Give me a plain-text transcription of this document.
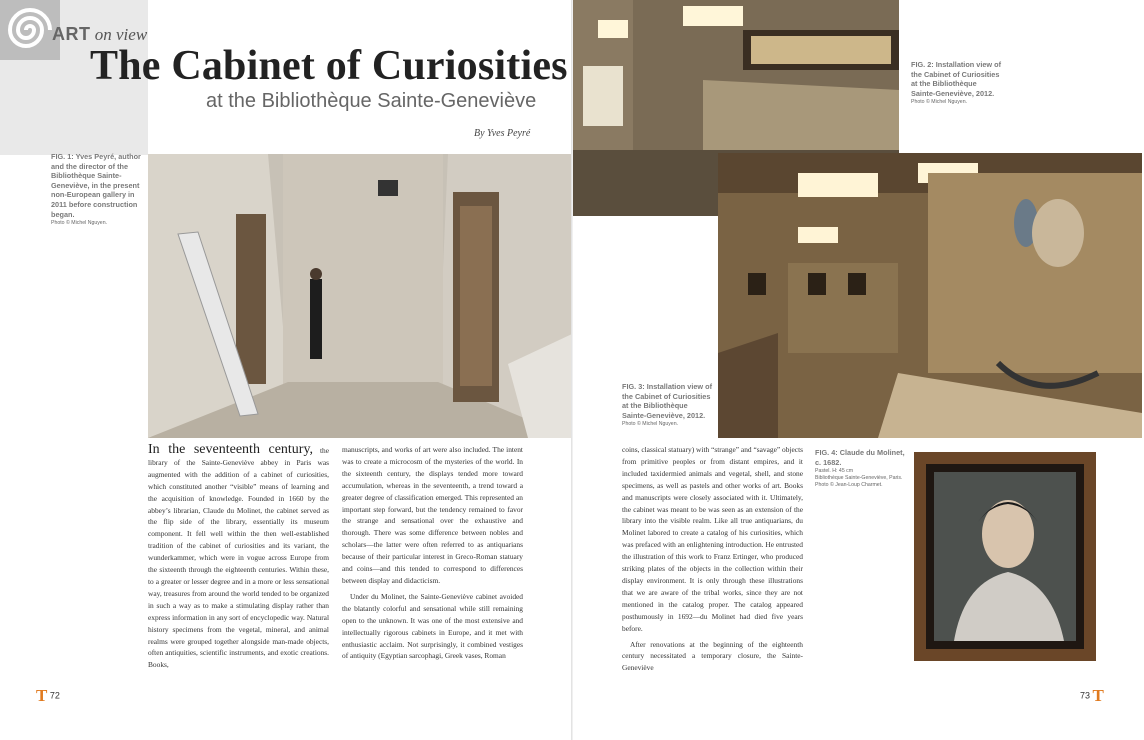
ART on view
The Cabinet of Curiosities
at the Bibliothèque Sainte-Geneviève
By Yves Peyré
FIG. 1: Yves Peyré, author and the director of the Bibliothèque Sainte-Geneviève, in the present non-European gallery in 2011 before construction began.
Photo © Michel Nguyen.
FIG. 2: Installation view of the Cabinet of Curiosities at the Bibliothèque Sainte-Geneviève, 2012.
Photo © Michel Nguyen.
FIG. 3: Installation view of the Cabinet of Curiosities at the Bibliothèque Sainte-Geneviève, 2012.
Photo © Michel Nguyen.
FIG. 4: Claude du Molinet, c. 1682.
Pastel. H: 45 cm
Bibliothèque Sainte-Geneviève, Paris.
Photo © Jean-Loup Charmet.

In the seventeenth century, the library of the Sainte-Geneviève abbey in Paris was augmented with the addition of a cabinet of curiosities, which constituted another “visible” means of learning and the acquisition of knowledge. Founded in 1660 by the abbey’s librarian, Claude du Molinet, the cabinet served as the flip side of the library, essentially its museum component. It fell well within the then well-established tradition of the cabinet of curiosities and its variant, the wunderkammer, which were in vogue across Europe from the sixteenth through the eighteenth centuries. Within these, to a greater or lesser degree and in a more or less sensational way, treasures from around the world tended to be organized in such a way as to make a stimulating display rather than express information in any sort of encyclopedic way. Natural history specimens from the vegetal, mineral, and animal realms were grouped together alongside man-made objects, often antiquities, scientific instruments, and exotic creations. Books,

manuscripts, and works of art were also included. The intent was to create a microcosm of the mysteries of the world. In the sixteenth century, the displays tended more toward accumulation, whereas in the seventeenth, a trend toward a greater degree of classification emerged. This represented an important step forward, but the tendency remained to favor the strange and sensational over the exhaustive and thorough. There was some difference between nobles and scholars—the latter were often referred to as antiquarians because of their particular interest in Greco-Roman statuary and coins—and this tended to correspond to differences between display and didacticism.

Under du Molinet, the Sainte-Geneviève cabinet avoided the blatantly colorful and sensational while still remaining open to the unknown. It was one of the most extensive and intellectually rigorous cabinets in Europe, and it met with enthusiastic acclaim. Not surprisingly, it combined vestiges of antiquity (Egyptian sarcophagi, Greek vases, Roman

coins, classical statuary) with “strange” and “savage” objects from primitive peoples or from distant empires, and it included taxidermied animals and vegetal, shell, and stone specimens, as well as pastels and other works of art. Books and manuscripts were closely associated with it. Ultimately, the cabinet was meant to be was seen as an extension of the library into the visible realm. Like all true antiquarians, du Molinet labored to create a catalog of his curiosities, which was prefaced with an enlightening introduction. He entrusted the illustration of this work to Franz Ertinger, who produced striking plates of the objects in the collection within their display environment. It is only through these illustrations that we are aware of the tribal works, since they are not mentioned in the catalog proper. The catalog appeared posthumously in 1692—du Molinet had died five years before.

After renovations at the beginning of the eighteenth century necessitated a temporary closure, the Sainte-Geneviève

T 72	73 T
